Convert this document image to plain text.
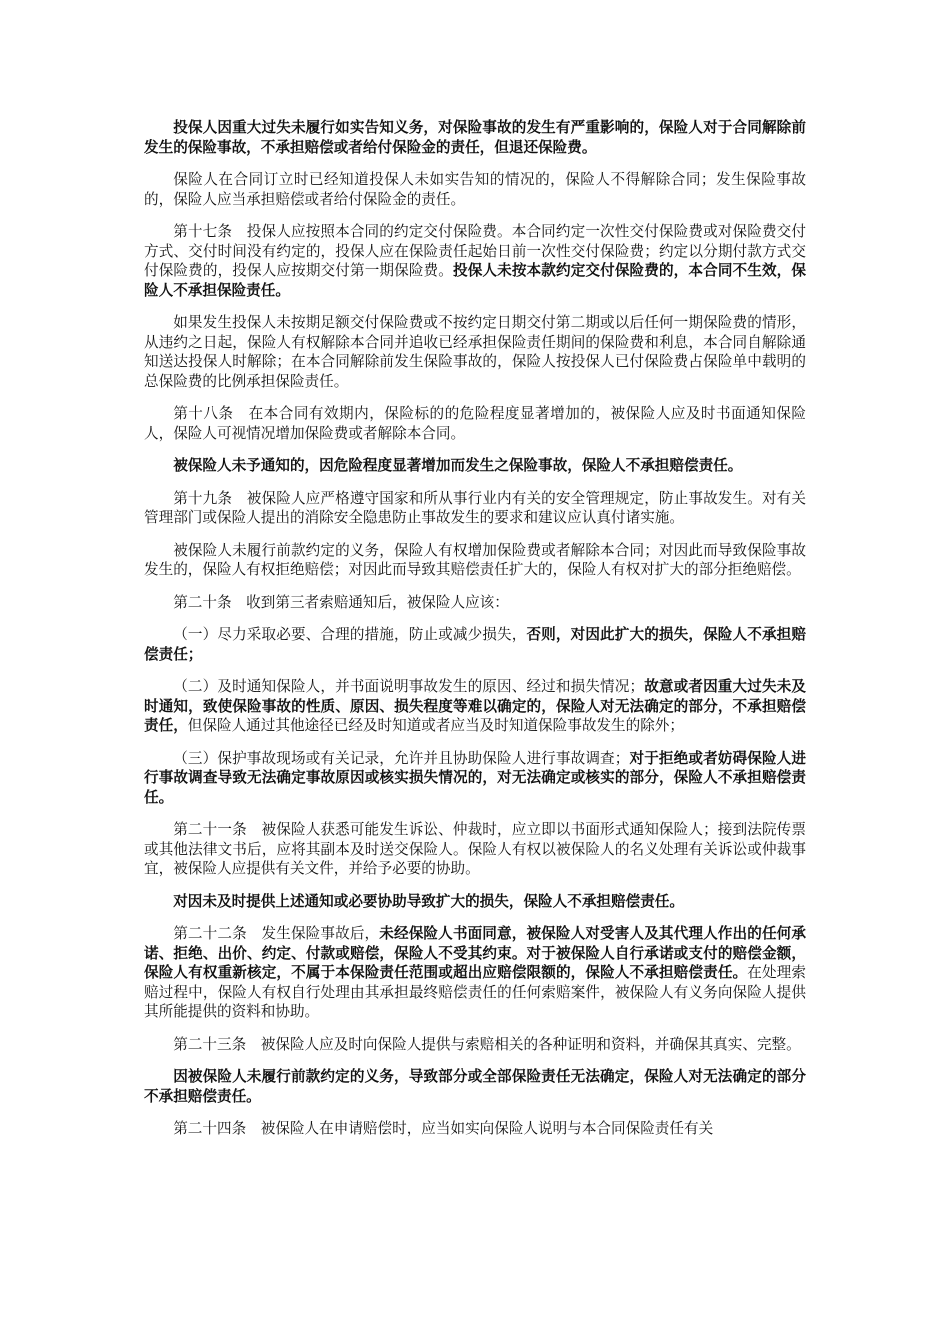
投保人因重大过失未履行如实告知义务，对保险事故的发生有严重影响的，保险人对于合同解除前发生的保险事故，不承担赔偿或者给付保险金的责任，但退还保险费。

保险人在合同订立时已经知道投保人未如实告知的情况的，保险人不得解除合同；发生保险事故的，保险人应当承担赔偿或者给付保险金的责任。

第十七条　投保人应按照本合同的约定交付保险费。本合同约定一次性交付保险费或对保险费交付方式、交付时间没有约定的，投保人应在保险责任起始日前一次性交付保险费；约定以分期付款方式交付保险费的，投保人应按期交付第一期保险费。投保人未按本款约定交付保险费的，本合同不生效，保险人不承担保险责任。

如果发生投保人未按期足额交付保险费或不按约定日期交付第二期或以后任何一期保险费的情形， 从违约之日起，保险人有权解除本合同并追收已经承担保险责任期间的保险费和利息，本合同自解除通知送达投保人时解除；在本合同解除前发生保险事故的，保险人按投保人已付保险费占保险单中载明的总保险费的比例承担保险责任。

第十八条　在本合同有效期内，保险标的的危险程度显著增加的，被保险人应及时书面通知保险人，保险人可视情况增加保险费或者解除本合同。

被保险人未予通知的，因危险程度显著增加而发生之保险事故，保险人不承担赔偿责任。

第十九条　被保险人应严格遵守国家和所从事行业内有关的安全管理规定，防止事故发生。对有关管理部门或保险人提出的消除安全隐患防止事故发生的要求和建议应认真付诸实施。

被保险人未履行前款约定的义务，保险人有权增加保险费或者解除本合同；对因此而导致保险事故发生的，保险人有权拒绝赔偿；对因此而导致其赔偿责任扩大的，保险人有权对扩大的部分拒绝赔偿。

第二十条　收到第三者索赔通知后，被保险人应该：

（一）尽力采取必要、合理的措施，防止或减少损失，否则，对因此扩大的损失，保险人不承担赔偿责任；

（二）及时通知保险人，并书面说明事故发生的原因、经过和损失情况；故意或者因重大过失未及时通知，致使保险事故的性质、原因、损失程度等难以确定的，保险人对无法确定的部分，不承担赔偿责任，但保险人通过其他途径已经及时知道或者应当及时知道保险事故发生的除外；

（三）保护事故现场或有关记录，允许并且协助保险人进行事故调查；对于拒绝或者妨碍保险人进行事故调查导致无法确定事故原因或核实损失情况的，对无法确定或核实的部分，保险人不承担赔偿责任。

第二十一条　被保险人获悉可能发生诉讼、仲裁时，应立即以书面形式通知保险人；接到法院传票或其他法律文书后，应将其副本及时送交保险人。保险人有权以被保险人的名义处理有关诉讼或仲裁事宜，被保险人应提供有关文件，并给予必要的协助。

对因未及时提供上述通知或必要协助导致扩大的损失，保险人不承担赔偿责任。

第二十二条　发生保险事故后，未经保险人书面同意，被保险人对受害人及其代理人作出的任何承诺、拒绝、出价、约定、付款或赔偿，保险人不受其约束。对于被保险人自行承诺或支付的赔偿金额，保险人有权重新核定，不属于本保险责任范围或超出应赔偿限额的，保险人不承担赔偿责任。在处理索赔过程中，保险人有权自行处理由其承担最终赔偿责任的任何索赔案件，被保险人有义务向保险人提供其所能提供的资料和协助。

第二十三条　被保险人应及时向保险人提供与索赔相关的各种证明和资料，并确保其真实、完整。

因被保险人未履行前款约定的义务，导致部分或全部保险责任无法确定，保险人对无法确定的部分不承担赔偿责任。

第二十四条　被保险人在申请赔偿时，应当如实向保险人说明与本合同保险责任有关
